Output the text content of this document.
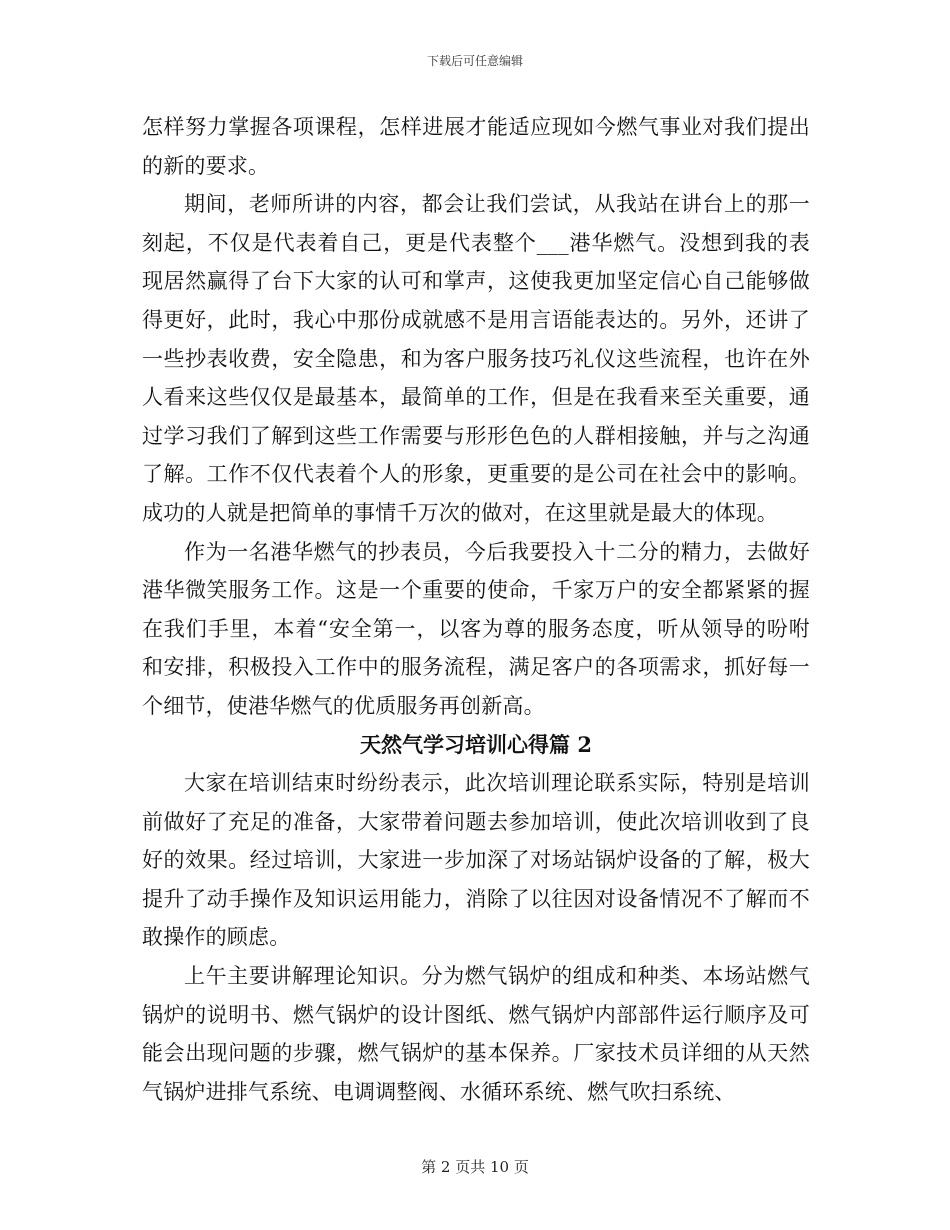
下载后可任意编辑

怎样努力掌握各项课程，怎样进展才能适应现如今燃气事业对我们提出的新的要求。

期间，老师所讲的内容，都会让我们尝试，从我站在讲台上的那一刻起，不仅是代表着自己，更是代表整个___港华燃气。没想到我的表现居然赢得了台下大家的认可和掌声，这使我更加坚定信心自己能够做得更好，此时，我心中那份成就感不是用言语能表达的。另外，还讲了一些抄表收费，安全隐患，和为客户服务技巧礼仪这些流程，也许在外人看来这些仅仅是最基本，最简单的工作，但是在我看来至关重要，通过学习我们了解到这些工作需要与形形色色的人群相接触，并与之沟通了解。工作不仅代表着个人的形象，更重要的是公司在社会中的影响。成功的人就是把简单的事情千万次的做对，在这里就是最大的体现。

作为一名港华燃气的抄表员，今后我要投入十二分的精力，去做好港华微笑服务工作。这是一个重要的使命，千家万户的安全都紧紧的握在我们手里，本着“安全第一，以客为尊的服务态度，听从领导的吩咐和安排，积极投入工作中的服务流程，满足客户的各项需求，抓好每一个细节，使港华燃气的优质服务再创新高。

天然气学习培训心得篇 2

大家在培训结束时纷纷表示，此次培训理论联系实际，特别是培训前做好了充足的准备，大家带着问题去参加培训，使此次培训收到了良好的效果。经过培训，大家进一步加深了对场站锅炉设备的了解，极大提升了动手操作及知识运用能力，消除了以往因对设备情况不了解而不敢操作的顾虑。

上午主要讲解理论知识。分为燃气锅炉的组成和种类、本场站燃气锅炉的说明书、燃气锅炉的设计图纸、燃气锅炉内部部件运行顺序及可能会出现问题的步骤，燃气锅炉的基本保养。厂家技术员详细的从天然气锅炉进排气系统、电调调整阀、水循环系统、燃气吹扫系统、

第 2 页共 10 页
